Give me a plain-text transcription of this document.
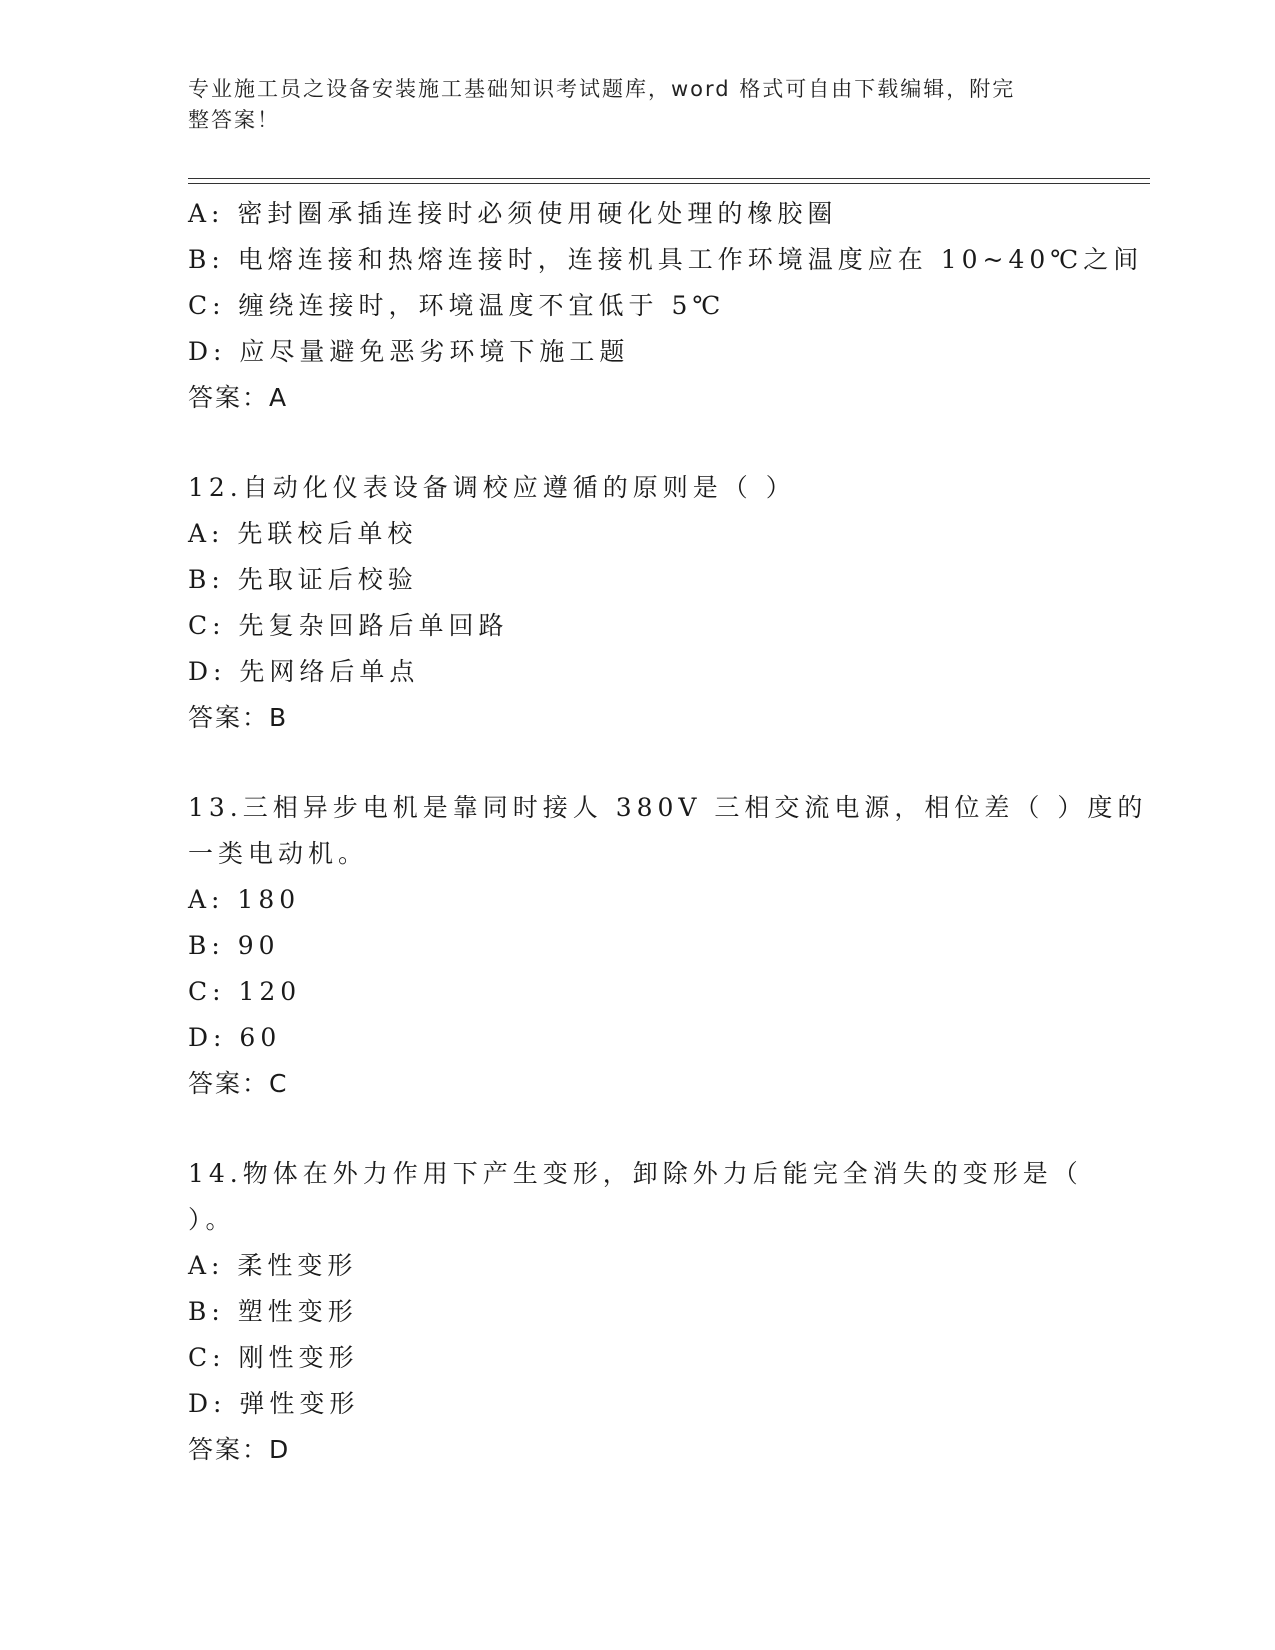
专业施工员之设备安装施工基础知识考试题库，word 格式可自由下载编辑，附完
整答案！
A: 密封圈承插连接时必须使用硬化处理的橡胶圈
B: 电熔连接和热熔连接时，连接机具工作环境温度应在 10~40℃之间
C: 缠绕连接时，环境温度不宜低于 5℃
D: 应尽量避免恶劣环境下施工题
答案：A
12.自动化仪表设备调校应遵循的原则是（ ）
A: 先联校后单校
B: 先取证后校验
C: 先复杂回路后单回路
D: 先网络后单点
答案：B
13.三相异步电机是靠同时接人 380V 三相交流电源，相位差（ ）度的
一类电动机。
A: 180
B: 90
C: 120
D: 60
答案：C
14.物体在外力作用下产生变形，卸除外力后能完全消失的变形是（
）。
A: 柔性变形
B: 塑性变形
C: 刚性变形
D: 弹性变形
答案：D
